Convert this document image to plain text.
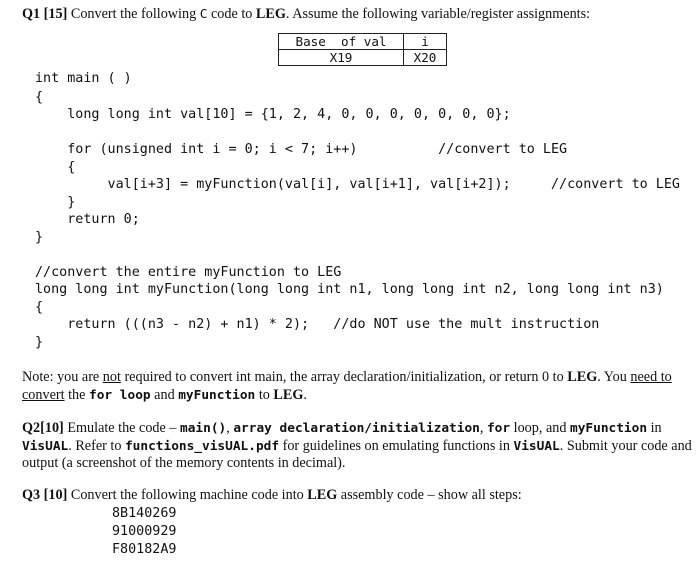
Q1 [15] Convert the following C code to LEG. Assume the following variable/register assignments:
Base  of val	i
X19	X20

int main ( )

{

long long int val[10] = {1, 2, 4, 0, 0, 0, 0, 0, 0, 0};

for (unsigned int i = 0; i < 7; i++)          //convert to LEG

{

val[i+3] = myFunction(val[i], val[i+1], val[i+2]);     //convert to LEG

}

return 0;

}

//convert the entire myFunction to LEG

long long int myFunction(long long int n1, long long int n2, long long int n3)

{

return (((n3 - n2) + n1) * 2);   //do NOT use the mult instruction

}

Note: you are not required to convert int main, the array declaration/initialization, or return 0 to LEG. You need to convert the for loop and myFunction to LEG.
Q2[10] Emulate the code – main(), array declaration/initialization, for loop, and myFunction in VisUAL. Refer to functions_visUAL.pdf for guidelines on emulating functions in VisUAL. Submit your code and output (a screenshot of the memory contents in decimal).
Q3 [10] Convert the following machine code into LEG assembly code – show all steps:
8B140269
91000929
F80182A9
